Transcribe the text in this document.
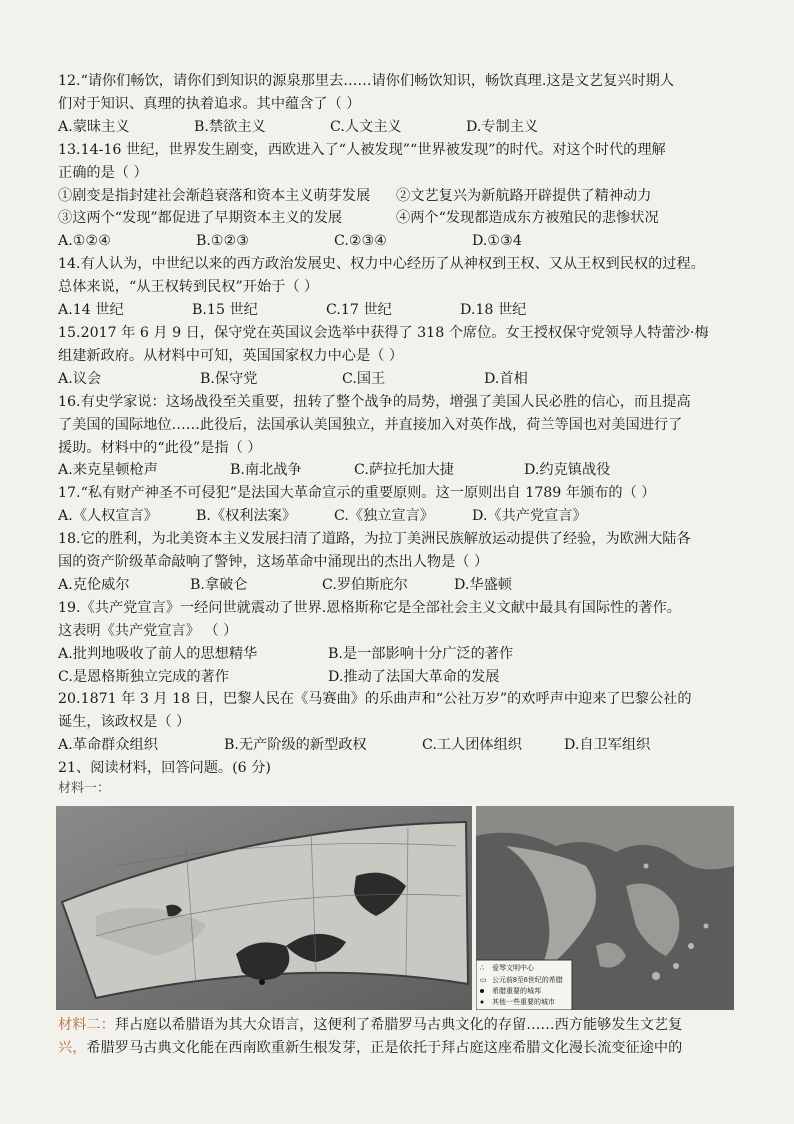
12.“请你们畅饮，请你们到知识的源泉那里去……请你们畅饮知识，畅饮真理.这是文艺复兴时期人
们对于知识、真理的执着追求。其中蕴含了（ ）
A.蒙昧主义	B.禁欲主义	C.人文主义	D.专制主义
13.14-16 世纪，世界发生剧变，西欧进入了“人被发现”“世界被发现”的时代。对这个时代的理解
正确的是（ ）
①剧变是指封建社会渐趋衰落和资本主义萌芽发展	②文艺复兴为新航路开辟提供了精神动力
③这两个“发现”都促进了早期资本主义的发展	④两个“发现都造成东方被殖民的悲惨状况
A.①②④	B.①②③	C.②③④	D.①③4
14.有人认为，中世纪以来的西方政治发展史、权力中心经历了从神权到王权、又从王权到民权的过程。
总体来说，“从王权转到民权”开始于（ ）
A.14 世纪	B.15 世纪	C.17 世纪	D.18 世纪
15.2017 年 6 月 9 日，保守党在英国议会选举中获得了 318 个席位。女王授权保守党领导人特蕾沙·梅
组建新政府。从材料中可知，英国国家权力中心是（ ）
A.议会	B.保守党	C.国王	D.首相
16.有史学家说：这场战役至关重要，扭转了整个战争的局势，增强了美国人民必胜的信心，而且提高
了美国的国际地位……此役后，法国承认美国独立，并直接加入对英作战，荷兰等国也对美国进行了
援助。材料中的“此役”是指（ ）
A.来克星顿枪声	B.南北战争	C.萨拉托加大捷	D.约克镇战役
17.“私有财产神圣不可侵犯”是法国大革命宣示的重要原则。这一原则出自 1789 年颁布的（ ）
A.《人权宣言》	B.《权利法案》	C.《独立宣言》	D.《共产党宣言》
18.它的胜利，为北美资本主义发展扫清了道路，为拉丁美洲民族解放运动提供了经验，为欧洲大陆各
国的资产阶级革命敲响了警钟，这场革命中涌现出的杰出人物是（ ）
A.克伦威尔	B.拿破仑	C.罗伯斯庇尔	D.华盛顿
19.《共产党宣言》一经问世就震动了世界.恩格斯称它是全部社会主义文献中最具有国际性的著作。
这表明《共产党宣言》 （ ）
A.批判地吸收了前人的思想精华	B.是一部影响十分广泛的著作
C.是恩格斯独立完成的著作	D.推动了法国大革命的发展
20.1871 年 3 月 18 日，巴黎人民在《马赛曲》的乐曲声和“公社万岁”的欢呼声中迎来了巴黎公社的
诞生，该政权是（ ）
A.革命群众组织	B.无产阶级的新型政权	C.工人团体组织	D.自卫军组织
21、阅读材料，回答问题。(6 分)
材料一：
∴
▭
爱琴文明中心
公元前8至6世纪的希腊
希腊重要的城邦
其他一些重要的城市
材料二：拜占庭以希腊语为其大众语言，这便利了希腊罗马古典文化的存留……西方能够发生文艺复
兴，希腊罗马古典文化能在西南欧重新生根发芽，正是依托于拜占庭这座希腊文化漫长流变征途中的
